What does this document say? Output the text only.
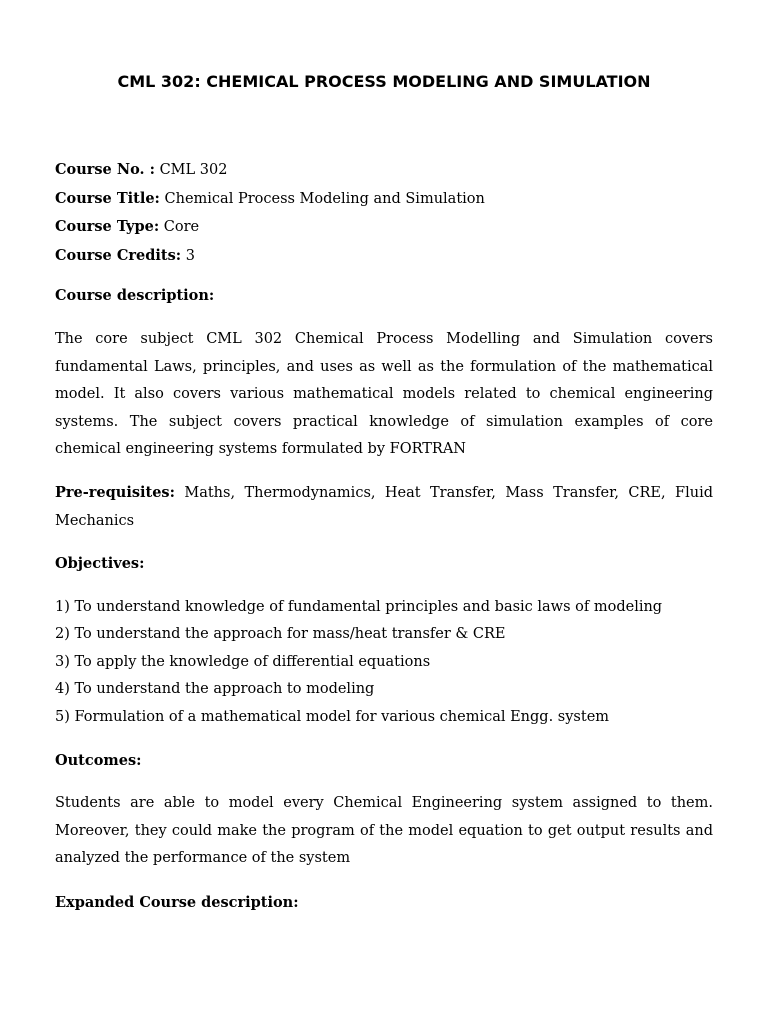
CML 302: CHEMICAL PROCESS MODELING AND SIMULATION
Course No. : CML 302
Course Title: Chemical Process Modeling and Simulation
Course Type: Core
Course Credits: 3
Course description:

The core subject CML 302 Chemical Process Modelling and Simulation covers fundamental Laws, principles, and uses as well as the formulation of the mathematical model. It also covers various mathematical models related to chemical engineering systems. The subject covers practical knowledge of simulation examples of core chemical engineering systems formulated by FORTRAN

Pre-requisites: Maths, Thermodynamics, Heat Transfer, Mass Transfer, CRE, Fluid Mechanics

Objectives:
1) To understand knowledge of fundamental principles and basic laws of modeling
2) To understand the approach for mass/heat transfer & CRE
3) To apply the knowledge of differential equations
4) To understand the approach to modeling
5) Formulation of a mathematical model for various chemical Engg. system
Outcomes:

Students are able to model every Chemical Engineering system assigned to them. Moreover, they could make the program of the model equation to get output results and analyzed the performance of the system

Expanded Course description:
